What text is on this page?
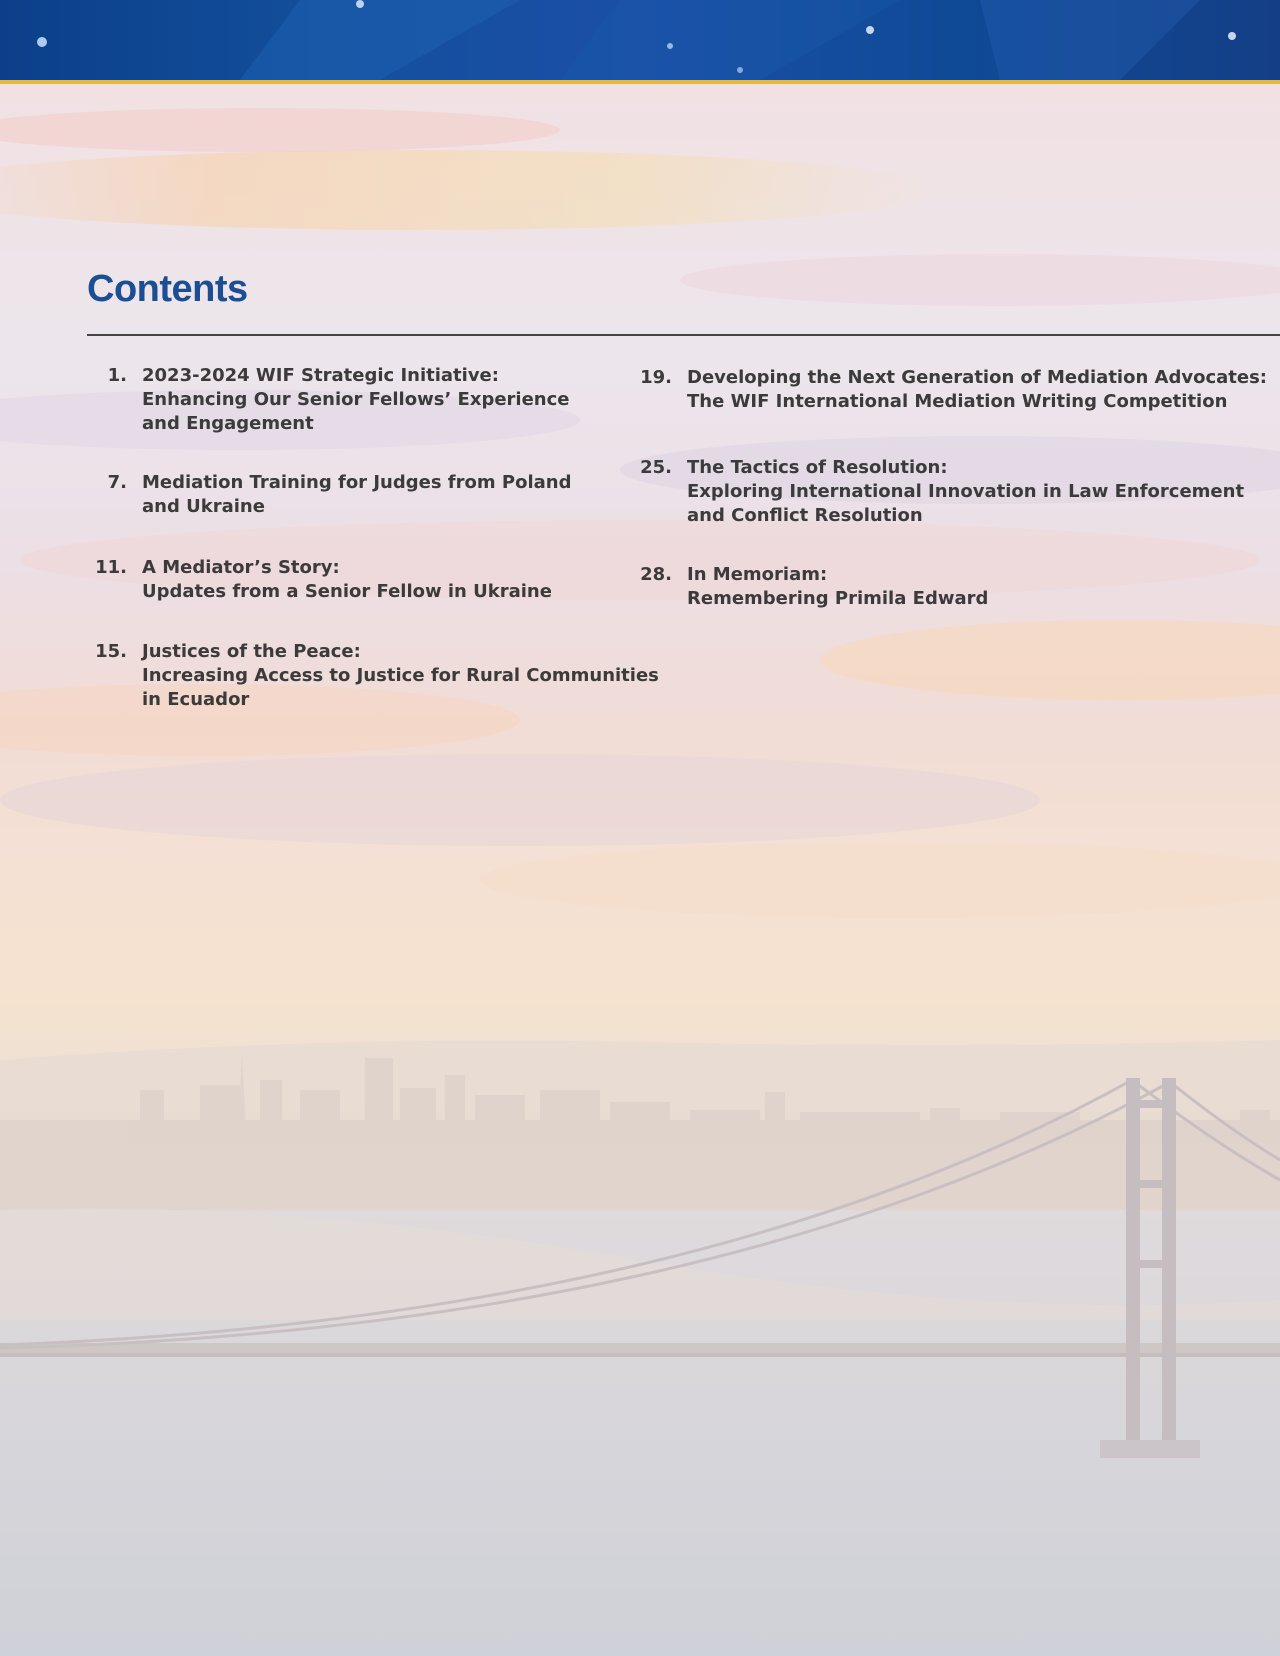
Contents
1. 2023-2024 WIF Strategic Initiative:
Enhancing Our Senior Fellows’ Experience
and Engagement
7. Mediation Training for Judges from Poland
and Ukraine
11. A Mediator’s Story:
Updates from a Senior Fellow in Ukraine
15. Justices of the Peace:
Increasing Access to Justice for Rural Communities
in Ecuador
19. Developing the Next Generation of Mediation Advocates:
The WIF International Mediation Writing Competition
25. The Tactics of Resolution:
Exploring International Innovation in Law Enforcement
and Conflict Resolution
28. In Memoriam:
Remembering Primila Edward
